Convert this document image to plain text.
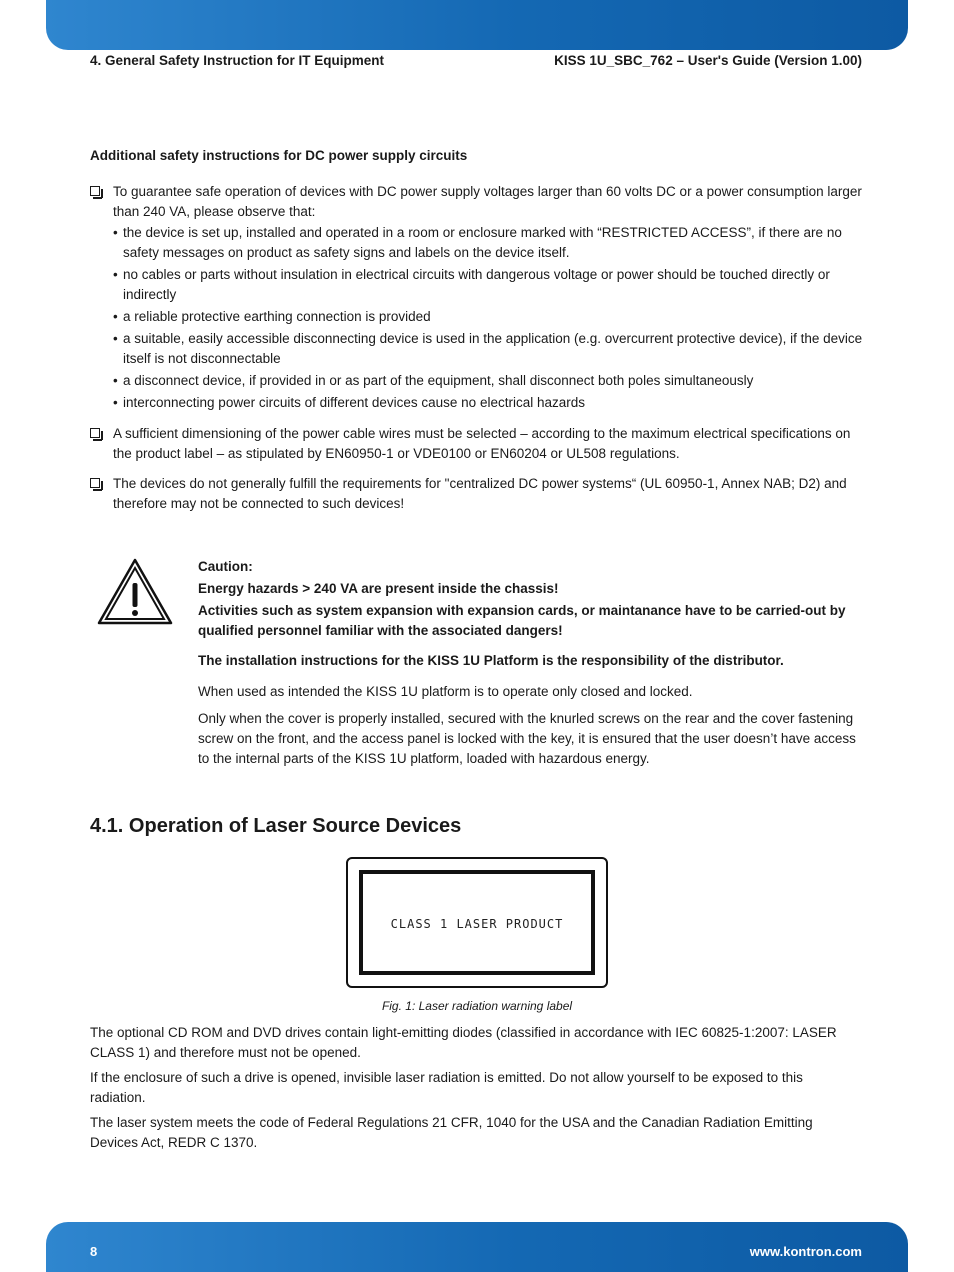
4. General Safety Instruction for IT Equipment	KISS 1U_SBC_762 – User's Guide (Version 1.00)
Additional safety instructions for DC power supply circuits
To guarantee safe operation of devices with DC power supply voltages larger than 60 volts DC or a power consumption larger than 240 VA, please observe that:
• the device is set up, installed and operated in a room or enclosure marked with “RESTRICTED ACCESS”, if there are no safety messages on product as safety signs and labels on the device itself.
• no cables or parts without insulation in electrical circuits with dangerous voltage or power should be touched directly or indirectly
• a reliable protective earthing connection is provided
• a suitable, easily accessible disconnecting device is used in the application (e.g. overcurrent protective device), if the device itself is not disconnectable
• a disconnect device, if provided in or as part of the equipment, shall disconnect both poles simultaneously
• interconnecting power circuits of different devices cause no electrical hazards
A sufficient dimensioning of the power cable wires must be selected – according to the maximum electrical specifications on the product label – as stipulated by EN60950-1 or VDE0100 or EN60204 or UL508 regulations.
The devices do not generally fulfill the requirements for "centralized DC power systems“ (UL 60950-1, Annex NAB; D2) and therefore may not be connected to such devices!

Caution:

Energy hazards > 240 VA are present inside the chassis!

Activities such as system expansion with expansion cards, or maintanance have to be carried-out by qualified personnel familiar with the associated dangers!

The installation instructions for the KISS 1U Platform is the responsibility of the distributor.

When used as intended the KISS 1U platform is to operate only closed and locked.

Only when the cover is properly installed, secured with the knurled screws on the rear and the cover fastening screw on the front, and the access panel is locked with the key, it is ensured that the user doesn’t have access to the internal parts of the KISS 1U platform, loaded with hazardous energy.

4.1. Operation of Laser Source Devices
CLASS 1 LASER PRODUCT
Fig. 1: Laser radiation warning label
The optional CD ROM and DVD drives contain light-emitting diodes (classified in accordance with IEC 60825-1:2007: LASER CLASS 1) and therefore must not be opened.
If the enclosure of such a drive is opened, invisible laser radiation is emitted. Do not allow yourself to be exposed to this radiation.
The laser system meets the code of Federal Regulations 21 CFR, 1040 for the USA and the Canadian Radiation Emitting Devices Act, REDR C 1370.
8	www.kontron.com
